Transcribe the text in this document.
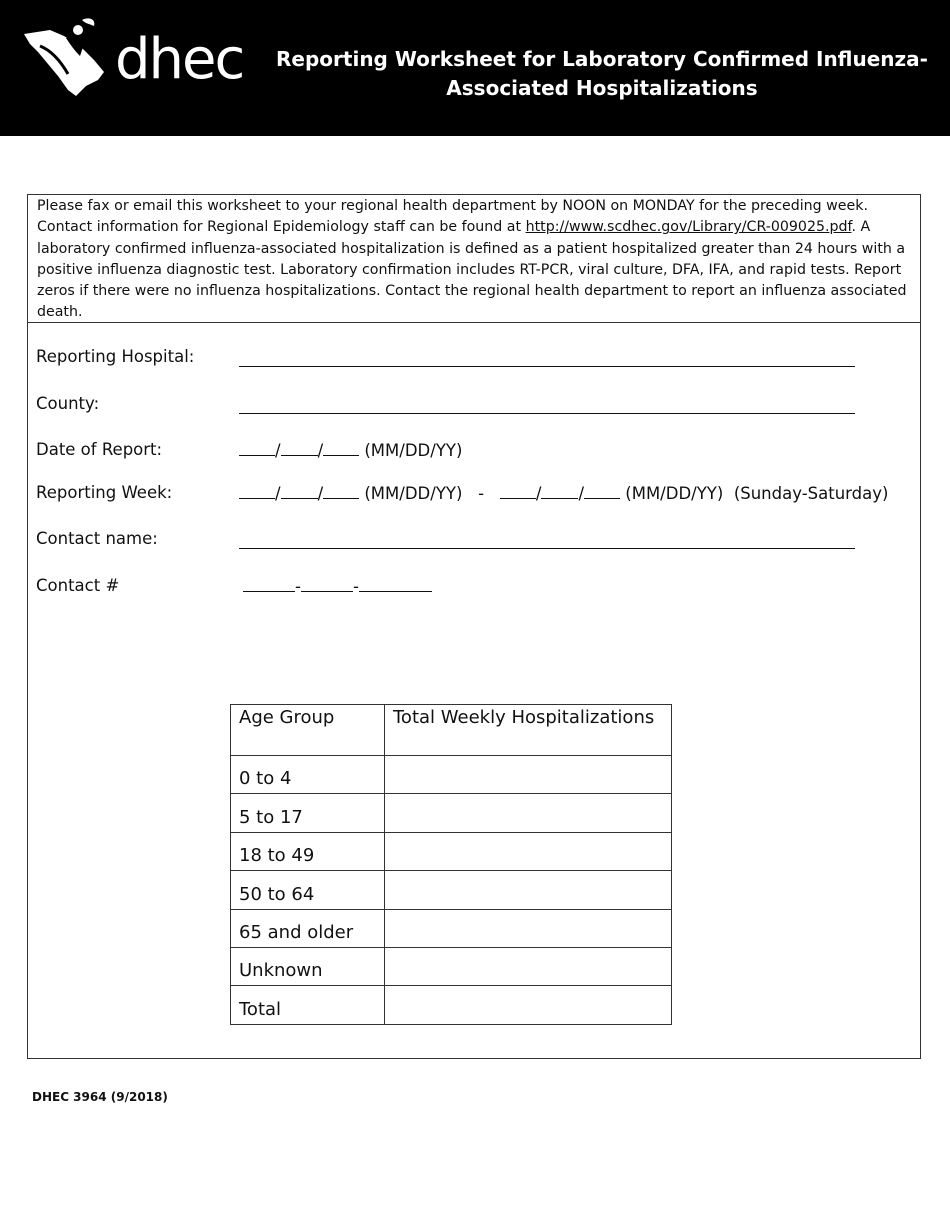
dhec	Reporting Worksheet for Laboratory Confirmed Influenza-Associated Hospitalizations
Please fax or email this worksheet to your regional health department by NOON on MONDAY for the preceding week. Contact information for Regional Epidemiology staff can be found at http://www.scdhec.gov/Library/CR-009025.pdf. A laboratory confirmed influenza-associated hospitalization is defined as a patient hospitalized greater than 24 hours with a positive influenza diagnostic test. Laboratory confirmation includes RT-PCR, viral culture, DFA, IFA, and rapid tests. Report zeros if there were no influenza hospitalizations. Contact the regional health department to report an influenza associated death.
Reporting Hospital:
County:
Date of Report:	/ /	(MM/DD/YY)
Reporting Week:	/ /	(MM/DD/YY) -	/ /	(MM/DD/YY) (Sunday-Saturday)
Contact name:
Contact #	-	-
Age Group	Total Weekly Hospitalizations
0 to 4	
5 to 17	
18 to 49	
50 to 64	
65 and older	
Unknown	
Total	
DHEC 3964 (9/2018)
